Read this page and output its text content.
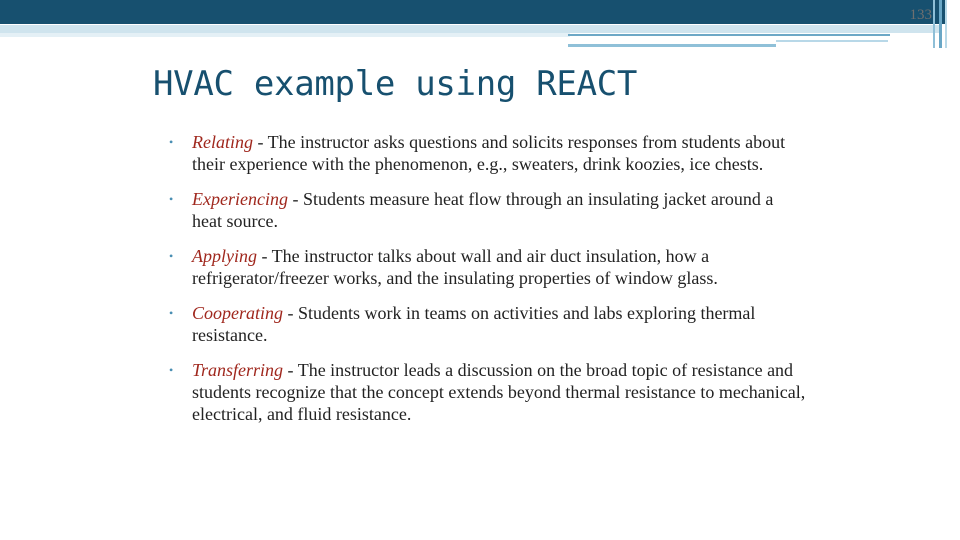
133
HVAC example using REACT
• Relating - The instructor asks questions and solicits responses from students about their experience with the phenomenon, e.g., sweaters, drink koozies, ice chests.
• Experiencing - Students measure heat flow through an insulating jacket around a heat source.
• Applying - The instructor talks about wall and air duct insulation, how a refrigerator/freezer works, and the insulating properties of window glass.
• Cooperating - Students work in teams on activities and labs exploring thermal resistance.
• Transferring - The instructor leads a discussion on the broad topic of resistance and students recognize that the concept extends beyond thermal resistance to mechanical, electrical, and fluid resistance.
